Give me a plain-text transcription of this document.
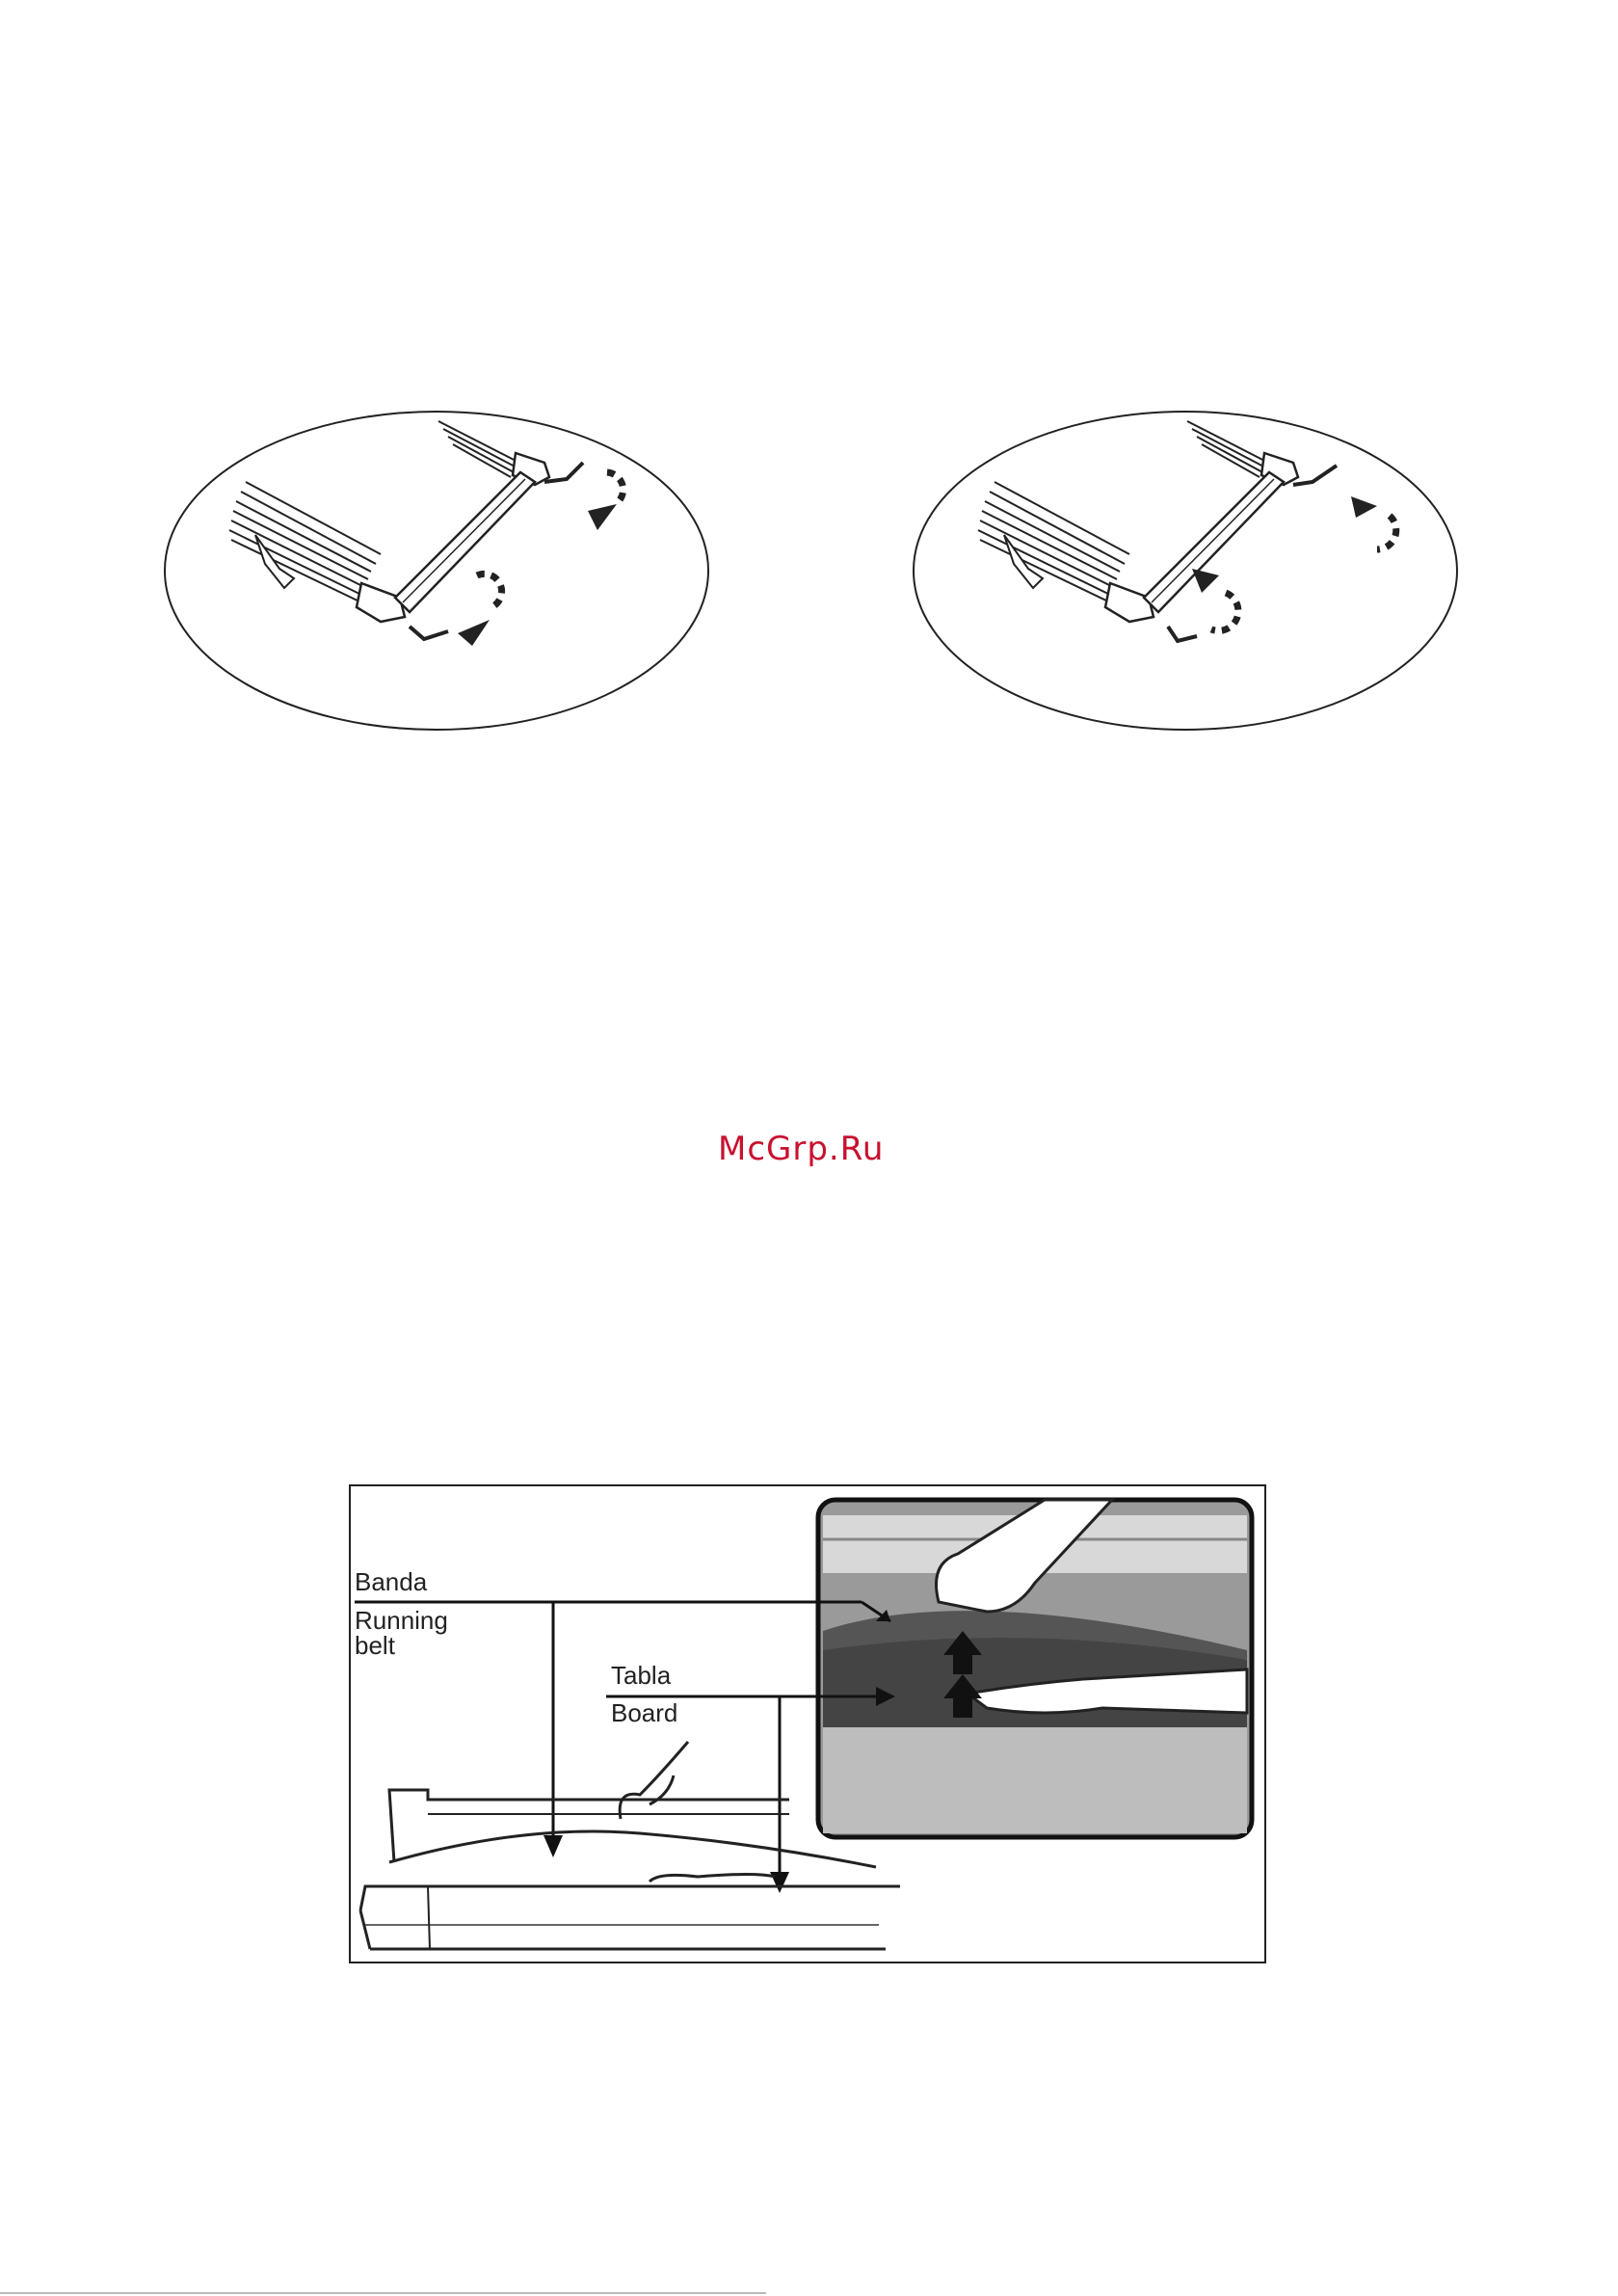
McGrp.Ru
Banda
Running
belt
Tabla
Board
